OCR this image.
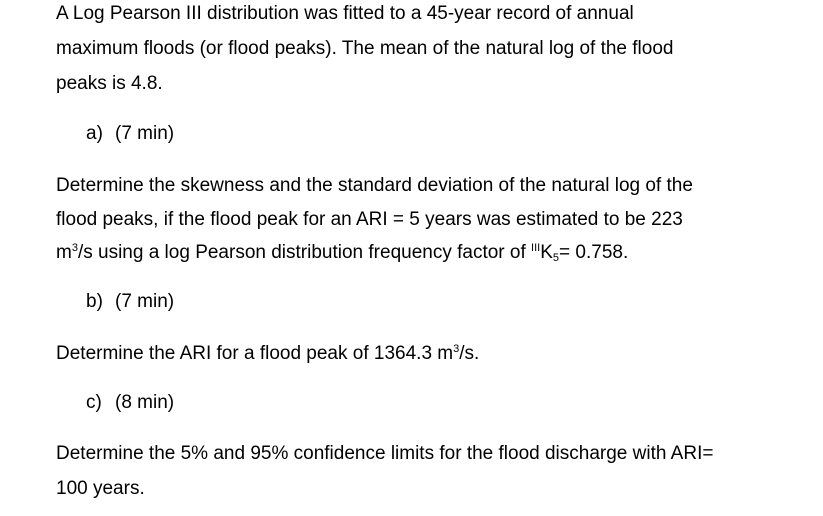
A Log Pearson III distribution was fitted to a 45-year record of annual
maximum floods (or flood peaks). The mean of the natural log of the flood
peaks is 4.8.

a) (7 min)

Determine the skewness and the standard deviation of the natural log of the
flood peaks, if the flood peak for an ARI = 5 years was estimated to be 223
$m^3/s$ using a log Pearson distribution frequency factor of $^{III}K_5= 0.758$.

b) (7 min)

Determine the ARI for a flood peak of 1364.3 $m^3/s$.

c) (8 min)

Determine the 5% and 95% confidence limits for the flood discharge with ARI=
100 years.
